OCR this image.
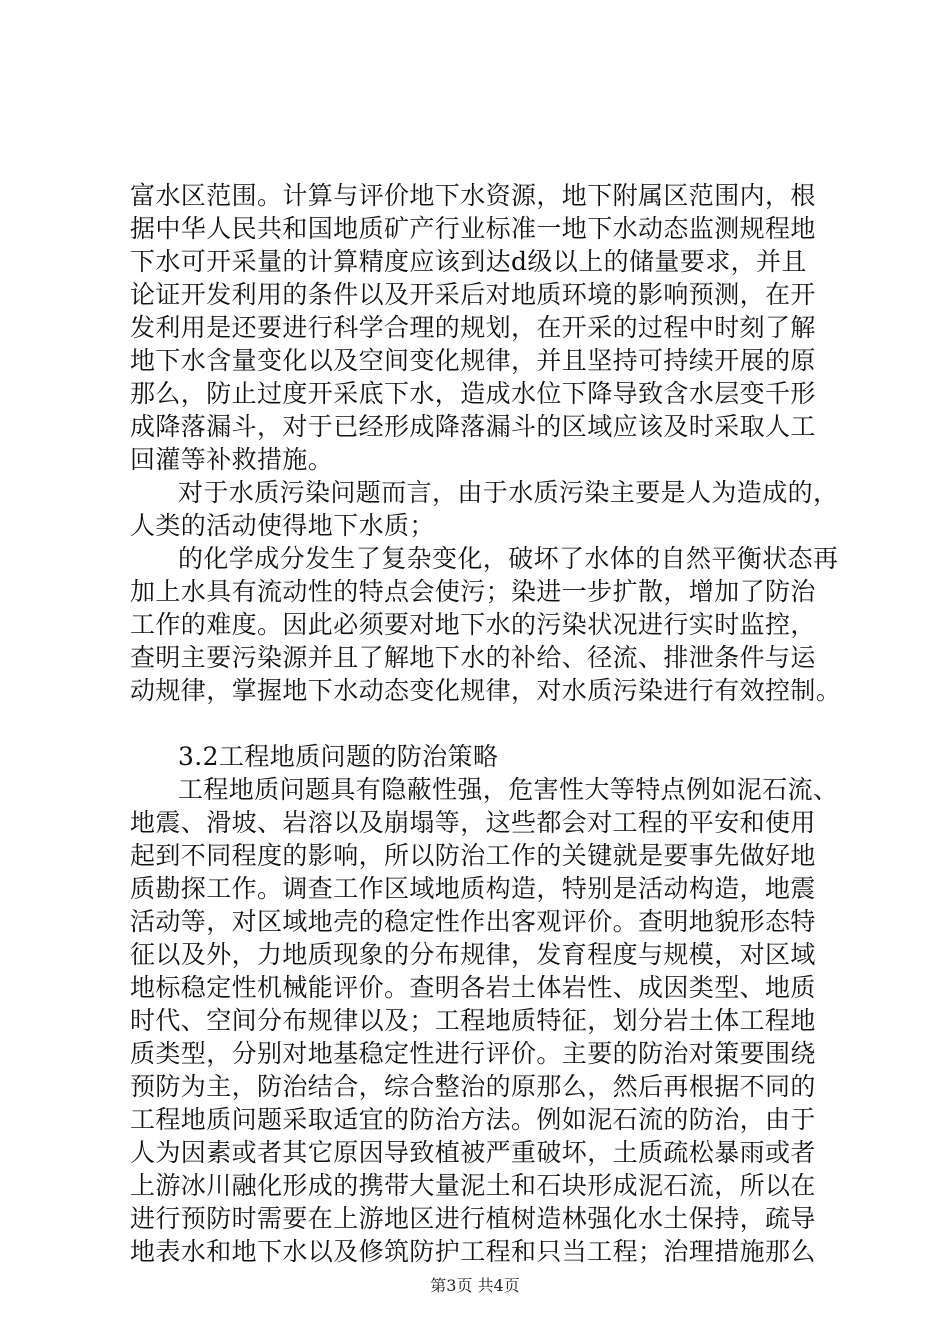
富水区范围。计算与评价地下水资源，地下附属区范围内，根
据中华人民共和国地质矿产行业标准一地下水动态监测规程地
下水可开采量的计算精度应该到达d级以上的储量要求，并且
论证开发利用的条件以及开采后对地质环境的影响预测，在开
发利用是还要进行科学合理的规划，在开采的过程中时刻了解
地下水含量变化以及空间变化规律，并且坚持可持续开展的原
那么，防止过度开采底下水，造成水位下降导致含水层变千形
成降落漏斗，对于已经形成降落漏斗的区域应该及时采取人工
回灌等补救措施。
对于水质污染问题而言，由于水质污染主要是人为造成的，
人类的活动使得地下水质；
的化学成分发生了复杂变化，破坏了水体的自然平衡状态再
加上水具有流动性的特点会使污；染进一步扩散，增加了防治
工作的难度。因此必须要对地下水的污染状况进行实时监控，
查明主要污染源并且了解地下水的补给、径流、排泄条件与运
动规律，掌握地下水动态变化规律，对水质污染进行有效控制。
3.2工程地质问题的防治策略
工程地质问题具有隐蔽性强，危害性大等特点例如泥石流、
地震、滑坡、岩溶以及崩塌等，这些都会对工程的平安和使用
起到不同程度的影响，所以防治工作的关键就是要事先做好地
质勘探工作。调查工作区域地质构造，特别是活动构造，地震
活动等，对区域地壳的稳定性作出客观评价。查明地貌形态特
征以及外，力地质现象的分布规律，发育程度与规模，对区域
地标稳定性机械能评价。查明各岩土体岩性、成因类型、地质
时代、空间分布规律以及；工程地质特征，划分岩土体工程地
质类型，分别对地基稳定性进行评价。主要的防治对策要围绕
预防为主，防治结合，综合整治的原那么，然后再根据不同的
工程地质问题采取适宜的防治方法。例如泥石流的防治，由于
人为因素或者其它原因导致植被严重破坏，土质疏松暴雨或者
上游冰川融化形成的携带大量泥土和石块形成泥石流，所以在
进行预防时需要在上游地区进行植树造林强化水土保持，疏导
地表水和地下水以及修筑防护工程和只当工程；治理措施那么
第3页 共4页
